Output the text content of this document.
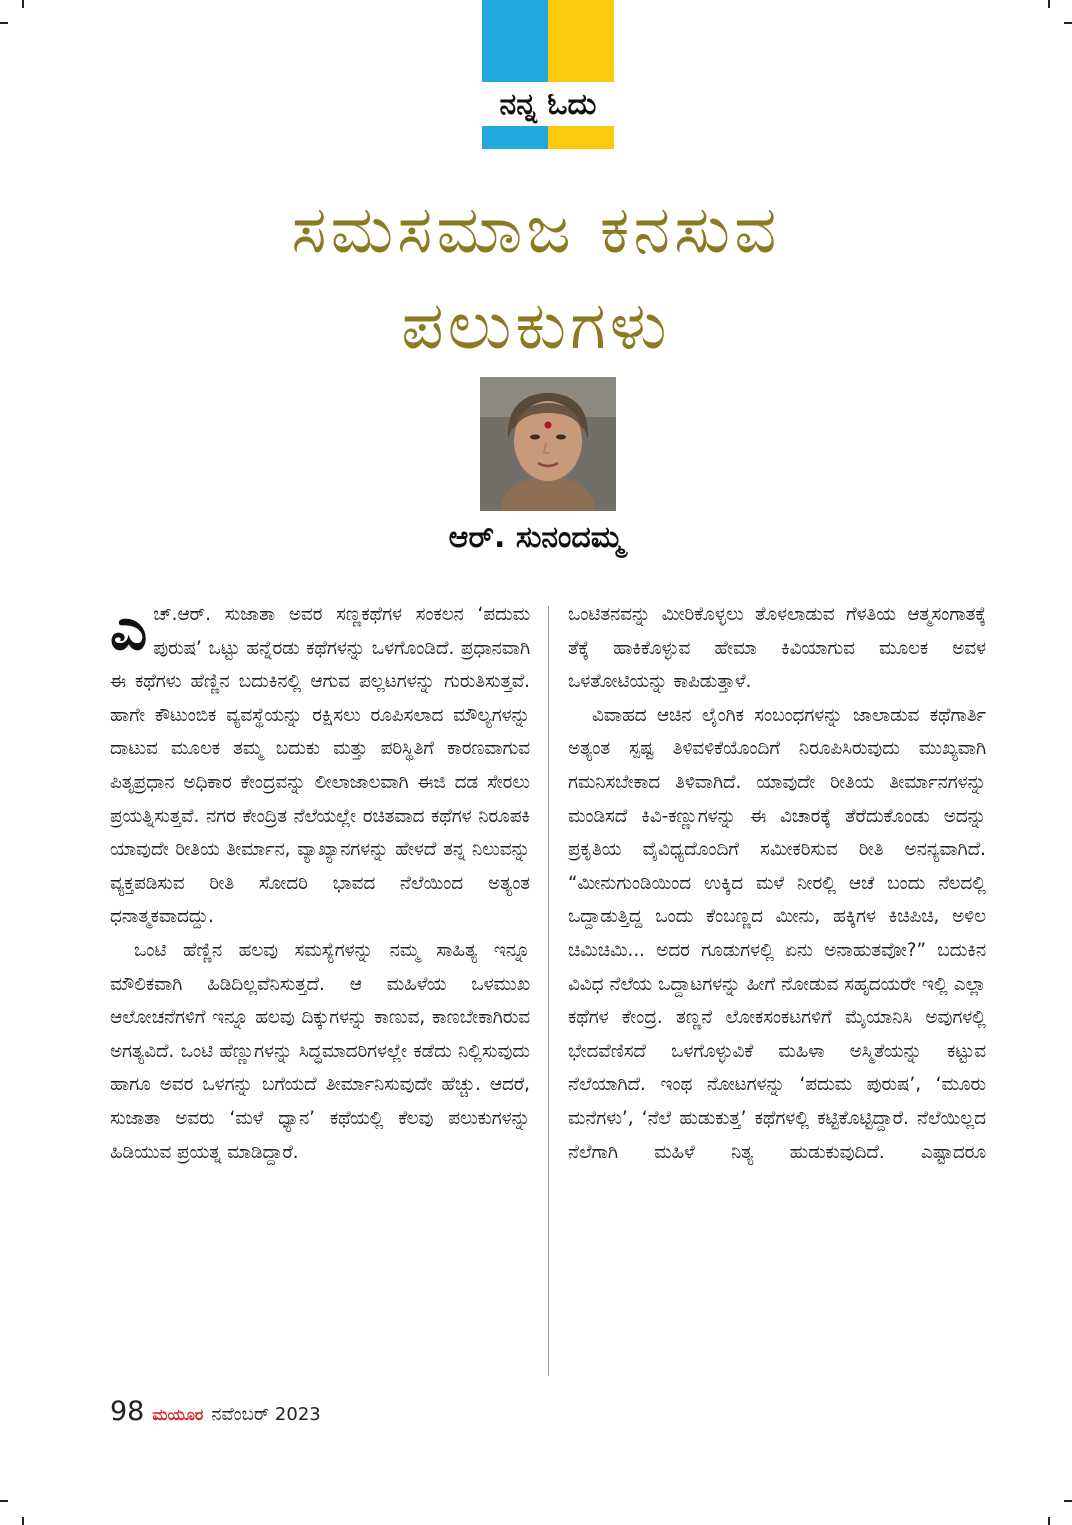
ನನ್ನ ಓದು
ಸಮಸಮಾಜ ಕನಸುವ
ಪಲುಕುಗಳು
ಆರ್. ಸುನಂದಮ್ಮ

ಎಚ್.ಆರ್. ಸುಜಾತಾ ಅವರ ಸಣ್ಣಕಥೆಗಳ ಸಂಕಲನ ‘ಪದುಮ ಪುರುಷ’ ಒಟ್ಟು ಹನ್ನೆರಡು ಕಥೆಗಳನ್ನು ಒಳಗೊಂಡಿದೆ. ಪ್ರಧಾನವಾಗಿ ಈ ಕಥೆಗಳು ಹೆಣ್ಣಿನ ಬದುಕಿನಲ್ಲಿ ಆಗುವ ಪಲ್ಲಟಗಳನ್ನು ಗುರುತಿಸುತ್ತವೆ. ಹಾಗೇ ಕೌಟುಂಬಿಕ ವ್ಯವಸ್ಥೆಯನ್ನು ರಕ್ಷಿಸಲು ರೂಪಿಸಲಾದ ಮೌಲ್ಯಗಳನ್ನು ದಾಟುವ ಮೂಲಕ ತಮ್ಮ ಬದುಕು ಮತ್ತು ಪರಿಸ್ಥಿತಿಗೆ ಕಾರಣವಾಗುವ ಪಿತೃಪ್ರಧಾನ ಅಧಿಕಾರ ಕೇಂದ್ರವನ್ನು ಲೀಲಾಜಾಲವಾಗಿ ಈಜಿ ದಡ ಸೇರಲು ಪ್ರಯತ್ನಿಸುತ್ತವೆ. ನಗರ ಕೇಂದ್ರಿತ ನೆಲೆಯಲ್ಲೇ ರಚಿತವಾದ ಕಥೆಗಳ ನಿರೂಪಕಿ ಯಾವುದೇ ರೀತಿಯ ತೀರ್ಮಾನ, ವ್ಯಾಖ್ಯಾನಗಳನ್ನು ಹೇಳದೆ ತನ್ನ ನಿಲುವನ್ನು ವ್ಯಕ್ತಪಡಿಸುವ ರೀತಿ ಸೋದರಿ ಭಾವದ ನೆಲೆಯಿಂದ ಅತ್ಯಂತ ಧನಾತ್ಮಕವಾದದ್ದು.

ಒಂಟಿ ಹೆಣ್ಣಿನ ಹಲವು ಸಮಸ್ಯೆಗಳನ್ನು ನಮ್ಮ ಸಾಹಿತ್ಯ ಇನ್ನೂ ಮೌಲಿಕವಾಗಿ ಹಿಡಿದಿಲ್ಲವೆನಿಸುತ್ತದೆ. ಆ ಮಹಿಳೆಯ ಒಳಮುಖ ಆಲೋಚನೆಗಳಿಗೆ ಇನ್ನೂ ಹಲವು ದಿಕ್ಕುಗಳನ್ನು ಕಾಣುವ, ಕಾಣಬೇಕಾಗಿರುವ ಅಗತ್ಯವಿದೆ. ಒಂಟಿ ಹೆಣ್ಣುಗಳನ್ನು ಸಿದ್ಧಮಾದರಿಗಳಲ್ಲೇ ಕಡೆದು ನಿಲ್ಲಿಸುವುದು ಹಾಗೂ ಅವರ ಒಳಗನ್ನು ಬಗೆಯದೆ ತೀರ್ಮಾನಿಸುವುದೇ ಹೆಚ್ಚು. ಆದರೆ, ಸುಜಾತಾ ಅವರು ‘ಮಳೆ ಧ್ಯಾನ’ ಕಥೆಯಲ್ಲಿ ಕೆಲವು ಪಲುಕುಗಳನ್ನು ಹಿಡಿಯುವ ಪ್ರಯತ್ನ ಮಾಡಿದ್ದಾರೆ.

ಒಂಟಿತನವನ್ನು ಮೀರಿಕೊಳ್ಳಲು ತೊಳಲಾಡುವ ಗೆಳತಿಯ ಆತ್ಮಸಂಗಾತಕ್ಕೆ ತೆಕ್ಕೆ ಹಾಕಿಕೊಳ್ಳುವ ಹೇಮಾ ಕಿವಿಯಾಗುವ ಮೂಲಕ ಅವಳ ಒಳತೋಟಿಯನ್ನು ಕಾಪಿಡುತ್ತಾಳೆ.

ವಿವಾಹದ ಆಚಿನ ಲೈಂಗಿಕ ಸಂಬಂಧಗಳನ್ನು ಜಾಲಾಡುವ ಕಥೆಗಾರ್ತಿ ಅತ್ಯಂತ ಸ್ಪಷ್ಟ ತಿಳಿವಳಿಕೆಯೊಂದಿಗೆ ನಿರೂಪಿಸಿರುವುದು ಮುಖ್ಯವಾಗಿ ಗಮನಿಸಬೇಕಾದ ತಿಳಿವಾಗಿದೆ. ಯಾವುದೇ ರೀತಿಯ ತೀರ್ಮಾನಗಳನ್ನು ಮಂಡಿಸದೆ ಕಿವಿ-ಕಣ್ಣುಗಳನ್ನು ಈ ವಿಚಾರಕ್ಕೆ ತೆರೆದುಕೊಂಡು ಅದನ್ನು ಪ್ರಕೃತಿಯ ವೈವಿಧ್ಯದೊಂದಿಗೆ ಸಮೀಕರಿಸುವ ರೀತಿ ಅನನ್ಯವಾಗಿದೆ. “ಮೀನುಗುಂಡಿಯಿಂದ ಉಕ್ಕಿದ ಮಳೆ ನೀರಲ್ಲಿ ಆಚೆ ಬಂದು ನೆಲದಲ್ಲಿ ಒದ್ದಾಡುತ್ತಿದ್ದ ಒಂದು ಕೆಂಬಣ್ಣದ ಮೀನು, ಹಕ್ಕಿಗಳ ಕಿಚಿಪಿಚಿ, ಅಳಿಲ ಚಿಮಿಚಿಮಿ... ಅದರ ಗೂಡುಗಳಲ್ಲಿ ಏನು ಅನಾಹುತವೋ?” ಬದುಕಿನ ವಿವಿಧ ನೆಲೆಯ ಒದ್ದಾಟಗಳನ್ನು ಹೀಗೆ ನೋಡುವ ಸಹೃದಯರೇ ಇಲ್ಲಿ ಎಲ್ಲಾ ಕಥೆಗಳ ಕೇಂದ್ರ. ತಣ್ಣನೆ ಲೋಕಸಂಕಟಗಳಿಗೆ ಮೈಯಾನಿಸಿ ಅವುಗಳಲ್ಲಿ ಭೇದವೆಣಿಸದೆ ಒಳಗೊಳ್ಳುವಿಕೆ ಮಹಿಳಾ ಅಸ್ಮಿತೆಯನ್ನು ಕಟ್ಟುವ ನೆಲೆಯಾಗಿದೆ. ಇಂಥ ನೋಟಗಳನ್ನು ‘ಪದುಮ ಪುರುಷ’, ‘ಮೂರು ಮನೆಗಳು’, ‘ನೆಲೆ ಹುಡುಕುತ್ತ’ ಕಥೆಗಳಲ್ಲಿ ಕಟ್ಟಿಕೊಟ್ಟಿದ್ದಾರೆ. ನೆಲೆಯಿಲ್ಲದ ನೆಲೆಗಾಗಿ ಮಹಿಳೆ ನಿತ್ಯ ಹುಡುಕುವುದಿದೆ. ಎಷ್ಟಾದರೂ

98 ಮಯೂರ ನವೆಂಬರ್ 2023
